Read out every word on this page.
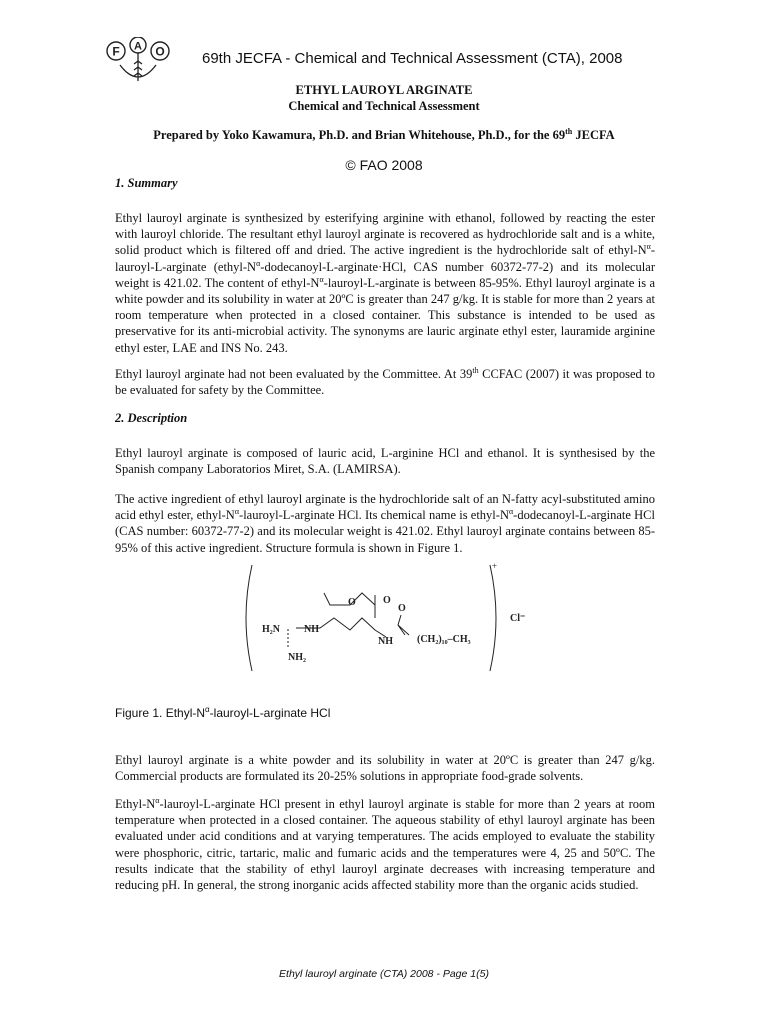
F A O 69th JECFA - Chemical and Technical Assessment (CTA), 2008
ETHYL LAUROYL ARGINATE
Chemical and Technical Assessment
Prepared by Yoko Kawamura, Ph.D. and Brian Whitehouse, Ph.D., for the 69th JECFA
© FAO 2008
1. Summary

Ethyl lauroyl arginate is synthesized by esterifying arginine with ethanol, followed by reacting the ester with lauroyl chloride. The resultant ethyl lauroyl arginate is recovered as hydrochloride salt and is a white, solid product which is filtered off and dried. The active ingredient is the hydrochloride salt of ethyl-$N^\alpha-lauroyl-L$-arginate ($ethyl-N^\alpha-dodecanoyl-L-arginate\cdot HCl$, CAS number 60372-77-2) and its molecular weight is 421.02. The content of ethyl-$N^\alpha-lauroyl-L$-arginate is between 85-95%. Ethyl lauroyl arginate is a white powder and its solubility in water at 20ºC is greater than 247 g/kg. It is stable for more than 2 years at room temperature when protected in a closed container. This substance is intended to be used as preservative for its anti-microbial activity. The synonyms are lauric arginate ethyl ester, lauramide arginine ethyl ester, LAE and INS No. 243.

Ethyl lauroyl arginate had not been evaluated by the Committee. At 39th CCFAC (2007) it was proposed to be evaluated for safety by the Committee.

2. Description

Ethyl lauroyl arginate is composed of lauric acid, L-arginine HCl and ethanol. It is synthesised by the Spanish company Laboratorios Miret, S.A. (LAMIRSA).

The active ingredient of ethyl lauroyl arginate is the hydrochloride salt of an N-fatty acyl-substituted amino acid ethyl ester, ethyl-$N^\alpha-lauroyl-L$-arginate HCl. Its chemical name is ethyl-$N^\alpha-dodecanoyl-L$-arginate HCl (CAS number: 60372-77-2) and its molecular weight is 421.02. Ethyl lauroyl arginate contains between 85-95% of this active ingredient. Structure formula is shown in Figure 1.

+
O	O
O
H₂N NH
NH
NH₂
(CH₂)₁₀–CH₃
Cl⁻
Figure 1. Ethyl-$N^\alpha-lauroyl-L$-arginate HCl

Ethyl lauroyl arginate is a white powder and its solubility in water at 20ºC is greater than 247 g/kg. Commercial products are formulated its 20-25% solutions in appropriate food-grade solvents.

Ethyl-$N^\alpha-lauroyl-L$-arginate HCl present in ethyl lauroyl arginate is stable for more than 2 years at room temperature when protected in a closed container. The aqueous stability of ethyl lauroyl arginate has been evaluated under acid conditions and at varying temperatures. The acids employed to evaluate the stability were phosphoric, citric, tartaric, malic and fumaric acids and the temperatures were 4, 25 and 50ºC. The results indicate that the stability of ethyl lauroyl arginate decreases with increasing temperature and reducing pH. In general, the strong inorganic acids affected stability more than the organic acids studied.

Ethyl lauroyl arginate (CTA) 2008 - Page 1(5)
